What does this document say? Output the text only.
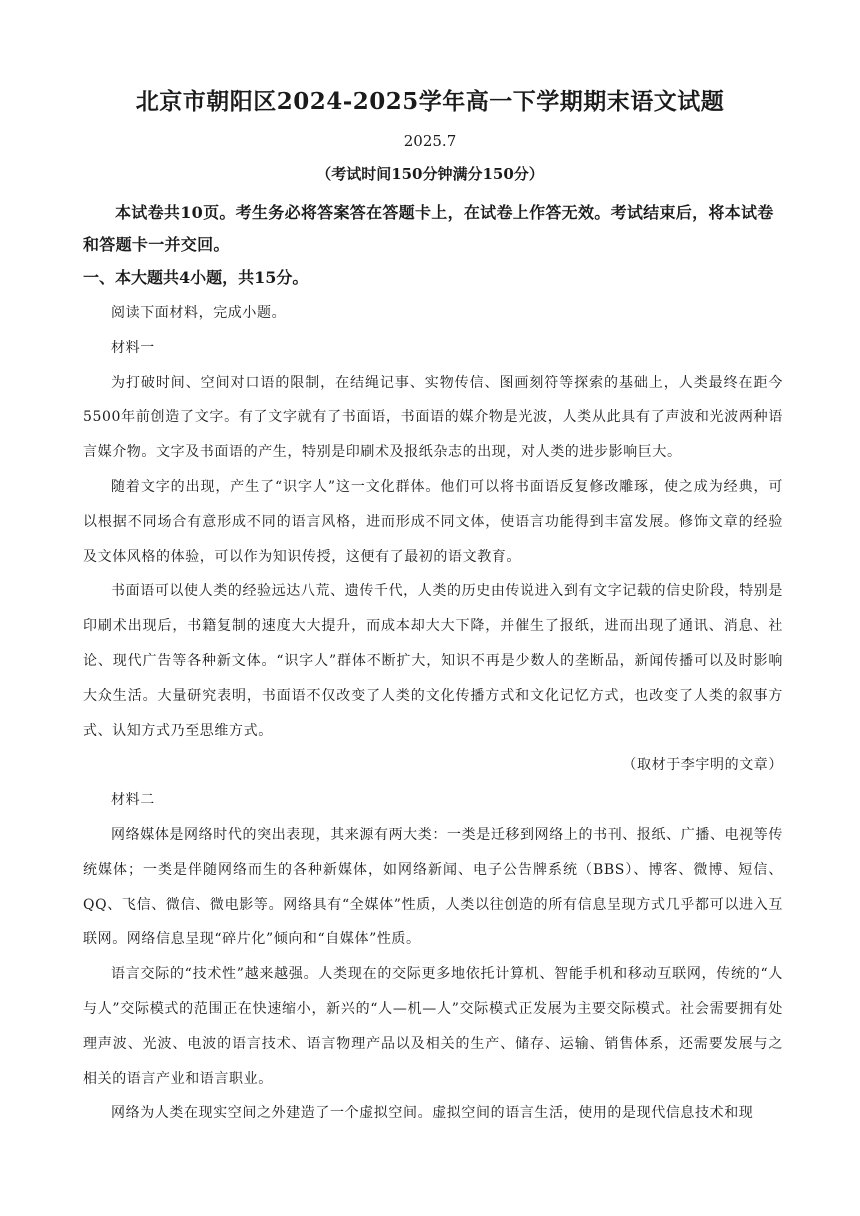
北京市朝阳区2024-2025学年高一下学期期末语文试题
2025.7
（考试时间150分钟满分150分）
本试卷共10页。考生务必将答案答在答题卡上，在试卷上作答无效。考试结束后，将本试卷和答题卡一并交回。
一、本大题共4小题，共15分。

阅读下面材料，完成小题。

材料一

为打破时间、空间对口语的限制，在结绳记事、实物传信、图画刻符等探索的基础上，人类最终在距今5500年前创造了文字。有了文字就有了书面语，书面语的媒介物是光波，人类从此具有了声波和光波两种语言媒介物。文字及书面语的产生，特别是印刷术及报纸杂志的出现，对人类的进步影响巨大。

随着文字的出现，产生了“识字人”这一文化群体。他们可以将书面语反复修改雕琢，使之成为经典，可以根据不同场合有意形成不同的语言风格，进而形成不同文体，使语言功能得到丰富发展。修饰文章的经验及文体风格的体验，可以作为知识传授，这便有了最初的语文教育。

书面语可以使人类的经验远达八荒、遗传千代，人类的历史由传说进入到有文字记载的信史阶段，特别是印刷术出现后，书籍复制的速度大大提升，而成本却大大下降，并催生了报纸，进而出现了通讯、消息、社论、现代广告等各种新文体。“识字人”群体不断扩大，知识不再是少数人的垄断品，新闻传播可以及时影响大众生活。大量研究表明，书面语不仅改变了人类的文化传播方式和文化记忆方式，也改变了人类的叙事方式、认知方式乃至思维方式。

（取材于李宇明的文章）

材料二

网络媒体是网络时代的突出表现，其来源有两大类：一类是迁移到网络上的书刊、报纸、广播、电视等传统媒体；一类是伴随网络而生的各种新媒体，如网络新闻、电子公告牌系统（BBS）、博客、微博、短信、QQ、飞信、微信、微电影等。网络具有“全媒体”性质，人类以往创造的所有信息呈现方式几乎都可以进入互联网。网络信息呈现“碎片化”倾向和“自媒体”性质。

语言交际的“技术性”越来越强。人类现在的交际更多地依托计算机、智能手机和移动互联网，传统的“人与人”交际模式的范围正在快速缩小，新兴的“人—机—人”交际模式正发展为主要交际模式。社会需要拥有处理声波、光波、电波的语言技术、语言物理产品以及相关的生产、储存、运输、销售体系，还需要发展与之相关的语言产业和语言职业。

网络为人类在现实空间之外建造了一个虚拟空间。虚拟空间的语言生活，使用的是现代信息技术和现
